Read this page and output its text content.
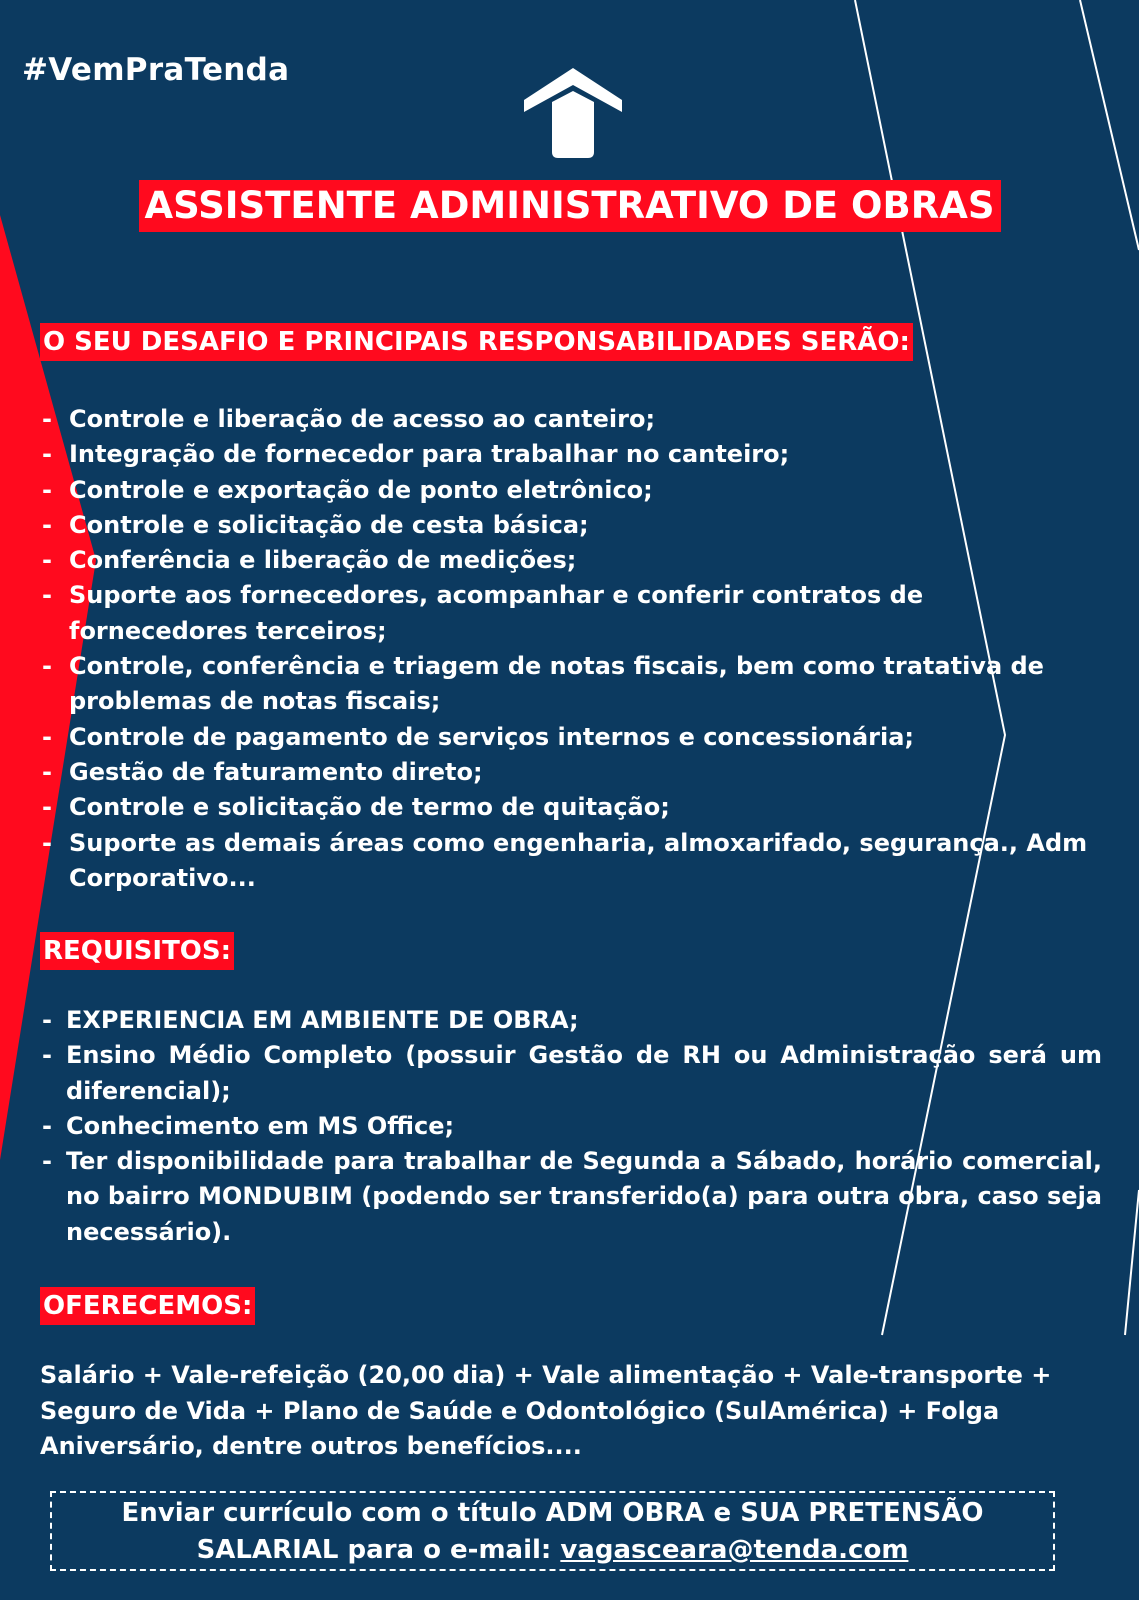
#VemPraTenda
ASSISTENTE ADMINISTRATIVO DE OBRAS
O SEU DESAFIO E PRINCIPAIS RESPONSABILIDADES SERÃO:
- Controle e liberação de acesso ao canteiro;
- Integração de fornecedor para trabalhar no canteiro;
- Controle e exportação de ponto eletrônico;
- Controle e solicitação de cesta básica;
- Conferência e liberação de medições;
- Suporte aos fornecedores, acompanhar e conferir contratos de fornecedores terceiros;
- Controle, conferência e triagem de notas fiscais, bem como tratativa de problemas de notas fiscais;
- Controle de pagamento de serviços internos e concessionária;
- Gestão de faturamento direto;
- Controle e solicitação de termo de quitação;
- Suporte as demais áreas como engenharia, almoxarifado, segurança., Adm Corporativo...
REQUISITOS:
- EXPERIENCIA EM AMBIENTE DE OBRA;
- Ensino Médio Completo (possuir Gestão de RH ou Administração será um diferencial);
- Conhecimento em MS Office;
- Ter disponibilidade para trabalhar de Segunda a Sábado, horário comercial, no bairro MONDUBIM (podendo ser transferido(a) para outra obra, caso seja necessário).
OFERECEMOS:
Salário + Vale-refeição (20,00 dia) + Vale alimentação + Vale-transporte + Seguro de Vida + Plano de Saúde e Odontológico (SulAmérica) + Folga Aniversário, dentre outros benefícios....
Enviar currículo com o título ADM OBRA e SUA PRETENSÃO
SALARIAL para o e-mail: vagasceara@tenda.com
